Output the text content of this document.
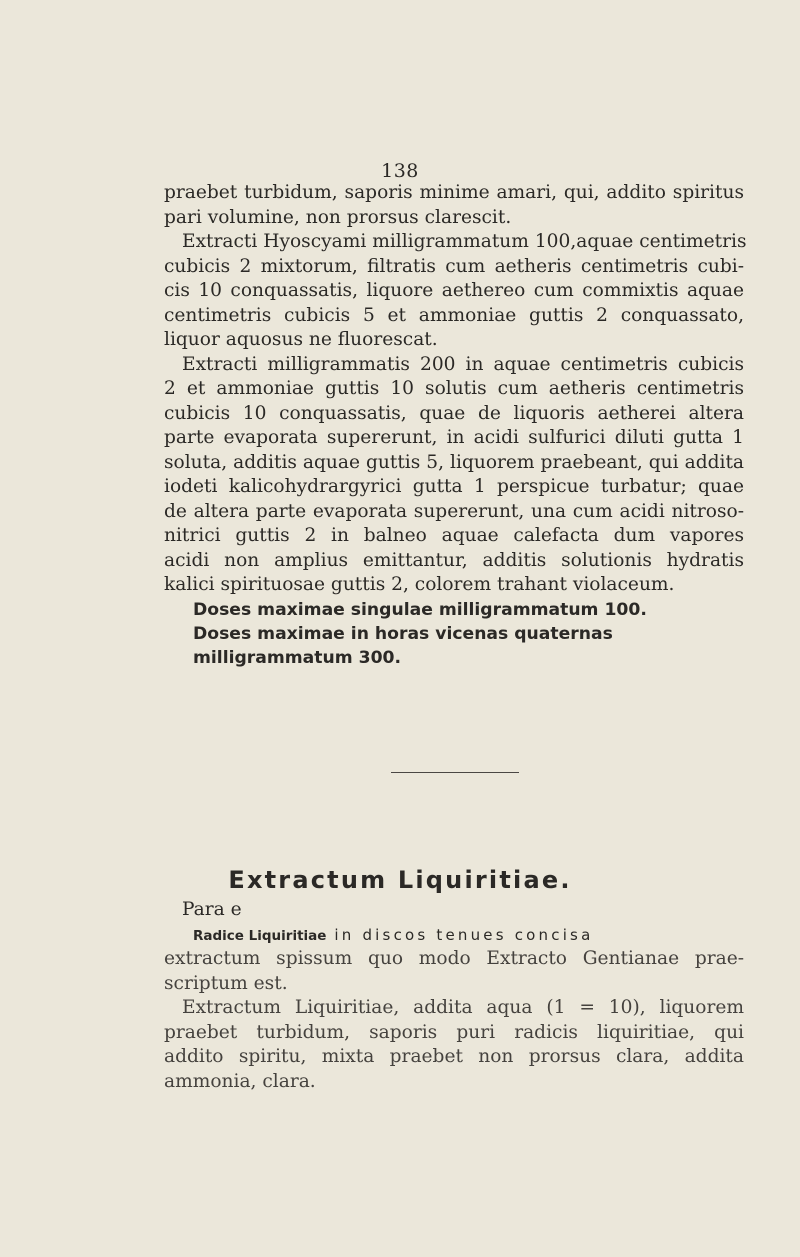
138
praebet turbidum, saporis minime amari, qui, addito spiritus
pari volumine, non prorsus clarescit.
Extracti Hyoscyami milligrammatum 100,aquae centimetris
cubicis 2 mixtorum, filtratis cum aetheris centimetris cubi-
cis 10 conquassatis, liquore aethereo cum commixtis aquae
centimetris cubicis 5 et ammoniae guttis 2 conquassato,
liquor aquosus ne fluorescat.
Extracti milligrammatis 200 in aquae centimetris cubicis
2 et ammoniae guttis 10 solutis cum aetheris centimetris
cubicis 10 conquassatis, quae de liquoris aetherei altera
parte evaporata supererunt, in acidi sulfurici diluti gutta 1
soluta, additis aquae guttis 5, liquorem praebeant, qui addita
iodeti kalicohydrargyrici gutta 1 perspicue turbatur; quae
de altera parte evaporata supererunt, una cum acidi nitroso-
nitrici guttis 2 in balneo aquae calefacta dum vapores
acidi non amplius emittantur, additis solutionis hydratis
kalici spirituosae guttis 2, colorem trahant violaceum.
Doses maximae singulae milligrammatum 100.
Doses maximae in horas vicenas quaternas
milligrammatum 300.
Extractum Liquiritiae.
Para e
Radice Liquiritiae in discos tenues concisa
extractum spissum quo modo Extracto Gentianae prae-
scriptum est.
Extractum Liquiritiae, addita aqua (1 = 10), liquorem
praebet turbidum, saporis puri radicis liquiritiae, qui
addito spiritu, mixta praebet non prorsus clara, addita
ammonia, clara.
